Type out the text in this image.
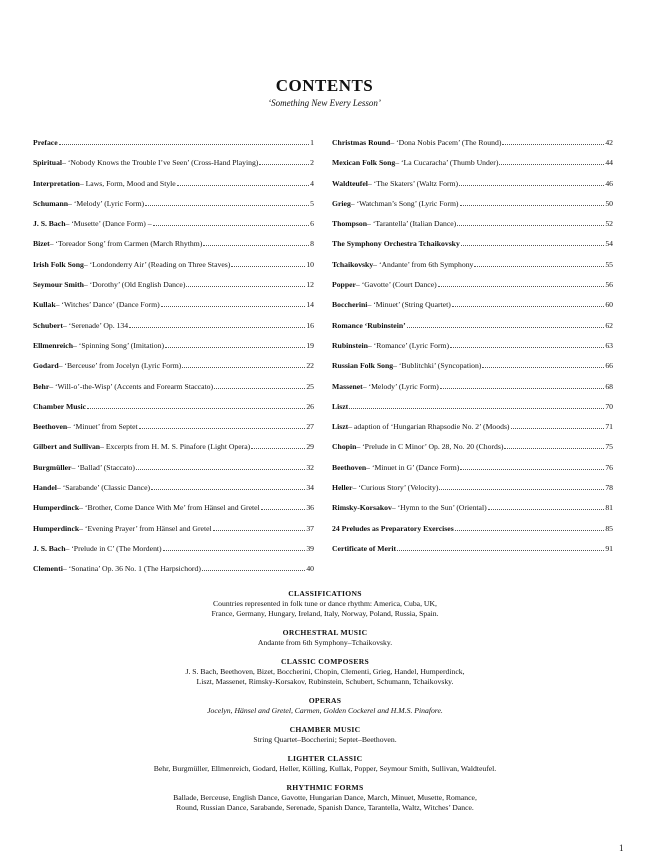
CONTENTS
‘Something New Every Lesson’
Preface	1
Spiritual – ‘Nobody Knows the Trouble I’ve Seen’ (Cross-Hand Playing)	2
Interpretation – Laws, Form, Mood and Style	4
Schumann – ‘Melody’ (Lyric Form)	5
J. S. Bach – ‘Musette’ (Dance Form) –	6
Bizet – ‘Toreador Song’ from Carmen (March Rhythm)	8
Irish Folk Song – ‘Londonderry Air’ (Reading on Three Staves)	10
Seymour Smith – ‘Dorothy’ (Old English Dance)	12
Kullak – ‘Witches’ Dance’ (Dance Form)	14
Schubert – ‘Serenade’ Op. 134	16
Ellmenreich – ‘Spinning Song’ (Imitation)	19
Godard – ‘Berceuse’ from Jocelyn (Lyric Form)	22
Behr – ‘Will-o’-the-Wisp’ (Accents and Forearm Staccato)	25
Chamber Music	26
Beethoven – ‘Minuet’ from Septet	27
Gilbert and Sullivan – Excerpts from H. M. S. Pinafore (Light Opera)	29
Burgmüller – ‘Ballad’ (Staccato)	32
Handel – ‘Sarabande’ (Classic Dance)	34
Humperdinck – ‘Brother, Come Dance With Me’ from Hänsel and Gretel	36
Humperdinck – ‘Evening Prayer’ from Hänsel and Gretel	37
J. S. Bach – ‘Prelude in C’ (The Mordent)	39
Clementi – ‘Sonatina’ Op. 36 No. 1 (The Harpsichord)	40
Christmas Round – ‘Dona Nobis Pacem’ (The Round)	42
Mexican Folk Song – ‘La Cucaracha’ (Thumb Under)	44
Waldteufel – ‘The Skaters’ (Waltz Form)	46
Grieg – ‘Watchman’s Song’ (Lyric Form)	50
Thompson – ‘Tarantella’ (Italian Dance)	52
The Symphony Orchestra Tchaikovsky	54
Tchaikovsky – ‘Andante’ from 6th Symphony	55
Popper – ‘Gavotte’ (Court Dance)	56
Boccherini – ‘Minuet’ (String Quartet)	60
Romance ‘Rubinstein’	62
Rubinstein – ‘Romance’ (Lyric Form)	63
Russian Folk Song – ‘Bublitchki’ (Syncopation)	66
Massenet – ‘Melody’ (Lyric Form)	68
Liszt	70
Liszt – adaption of ‘Hungarian Rhapsodie No. 2’ (Moods)	71
Chopin – ‘Prelude in C Minor’ Op. 28, No. 20 (Chords)	75
Beethoven – ‘Minuet in G’ (Dance Form)	76
Heller – ‘Curious Story’ (Velocity)	78
Rimsky-Korsakov – ‘Hymn to the Sun’ (Oriental)	81
24 Preludes as Preparatory Exercises	85
Certificate of Merit	91
CLASSIFICATIONS
Countries represented in folk tune or dance rhythm: America, Cuba, UK,
France, Germany, Hungary, Ireland, Italy, Norway, Poland, Russia, Spain.
ORCHESTRAL MUSIC
Andante from 6th Symphony–Tchaikovsky.
CLASSIC COMPOSERS
J. S. Bach, Beethoven, Bizet, Boccherini, Chopin, Clementi, Grieg, Handel, Humperdinck,
Liszt, Massenet, Rimsky-Korsakov, Rubinstein, Schubert, Schumann, Tchaikovsky.
OPERAS
Jocelyn, Hänsel and Gretel, Carmen, Golden Cockerel and H.M.S. Pinafore.
CHAMBER MUSIC
String Quartet–Boccherini; Septet–Beethoven.
LIGHTER CLASSIC
Behr, Burgmüller, Ellmenreich, Godard, Heller, Kölling, Kullak, Popper, Seymour Smith, Sullivan, Waldteufel.
RHYTHMIC FORMS
Ballade, Berceuse, English Dance, Gavotte, Hungarian Dance, March, Minuet, Musette, Romance,
Round, Russian Dance, Sarabande, Serenade, Spanish Dance, Tarantella, Waltz, Witches’ Dance.
1
